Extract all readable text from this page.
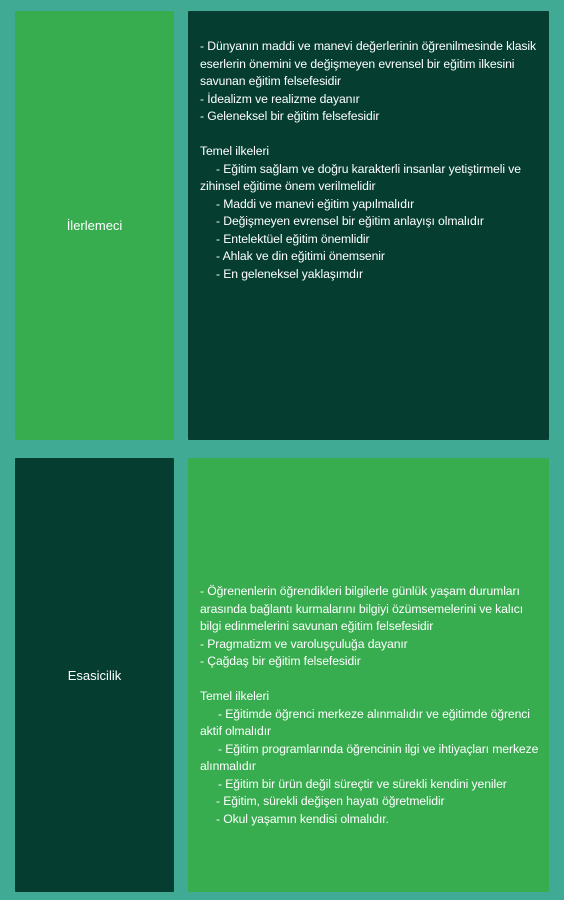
İlerlemeci
- Dünyanın maddi ve manevi değerlerinin öğrenilmesinde klasik eserlerin önemini ve değişmeyen evrensel bir eğitim ilkesini savunan eğitim felsefesidir
- İdealizm ve realizme dayanır
- Geleneksel bir eğitim felsefesidir
Temel ilkeleri
- Eğitim sağlam ve doğru karakterli insanlar yetiştirmeli ve zihinsel eğitime önem verilmelidir
- Maddi ve manevi eğitim yapılmalıdır
- Değişmeyen evrensel bir eğitim anlayışı olmalıdır
- Entelektüel eğitim önemlidir
- Ahlak ve din eğitimi önemsenir
- En geleneksel yaklaşımdır
Esasicilik
- Öğrenenlerin öğrendikleri bilgilerle günlük yaşam durumları arasında bağlantı kurmalarını bilgiyi özümsemelerini ve kalıcı bilgi edinmelerini savunan eğitim felsefesidir
- Pragmatizm ve varoluşçuluğa dayanır
- Çağdaş bir eğitim felsefesidir
Temel ilkeleri
- Eğitimde öğrenci merkeze alınmalıdır ve eğitimde öğrenci aktif olmalıdır
- Eğitim programlarında öğrencinin ilgi ve ihtiyaçları merkeze alınmalıdır
- Eğitim bir ürün değil süreçtir ve sürekli kendini yeniler
- Eğitim, sürekli değişen hayatı öğretmelidir
- Okul yaşamın kendisi olmalıdır.
